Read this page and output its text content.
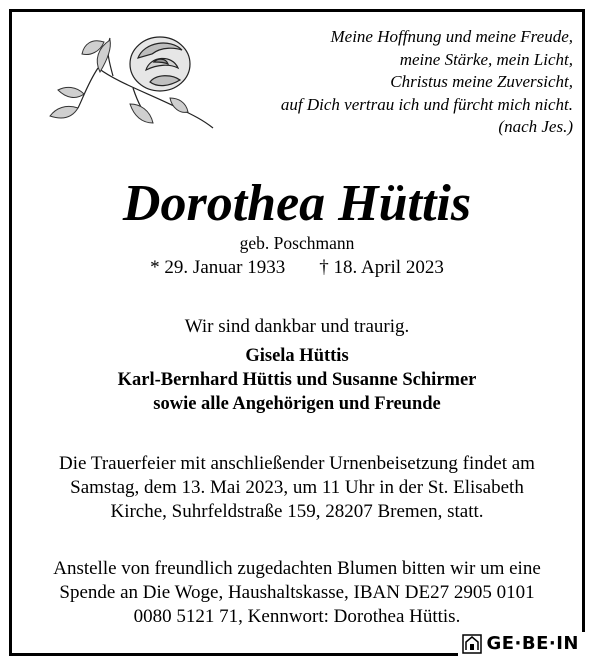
Meine Hoffnung und meine Freude,
meine Stärke, mein Licht,
Christus meine Zuversicht,
auf Dich vertrau ich und fürcht mich nicht.
(nach Jes.)
Dorothea Hüttis
geb. Poschmann
* 29. Januar 1933 † 18. April 2023
Wir sind dankbar und traurig.
Gisela Hüttis
Karl-Bernhard Hüttis und Susanne Schirmer
sowie alle Angehörigen und Freunde
Die Trauerfeier mit anschließender Urnenbeisetzung findet am
Samstag, dem 13. Mai 2023, um 11 Uhr in der St. Elisabeth
Kirche, Suhrfeldstraße 159, 28207 Bremen, statt.
Anstelle von freundlich zugedachten Blumen bitten wir um eine
Spende an Die Woge, Haushaltskasse, IBAN DE27 2905 0101
0080 5121 71, Kennwort: Dorothea Hüttis.
GE·BE·IN
